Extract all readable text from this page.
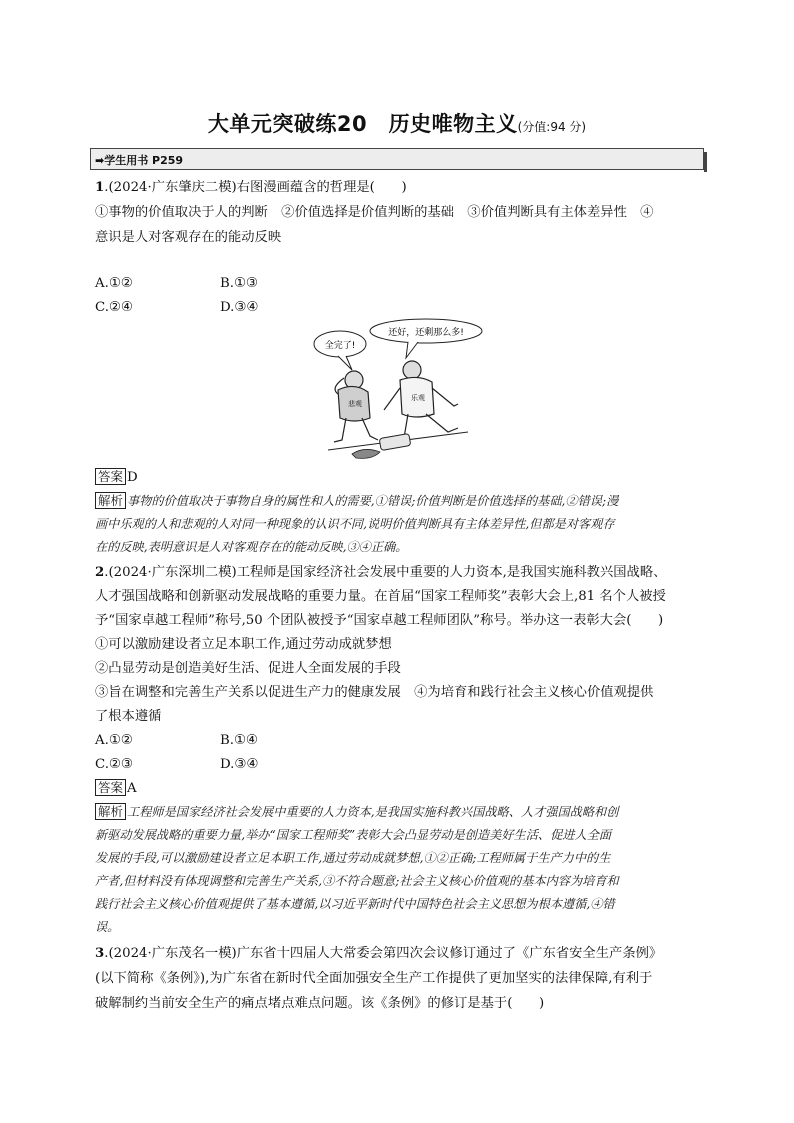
大单元突破练20　历史唯物主义(分值:94 分)
➡学生用书 P259
1.(2024·广东肇庆二模)右图漫画蕴含的哲理是(　　)
①事物的价值取决于人的判断　②价值选择是价值判断的基础　③价值判断具有主体差异性　④
意识是人对客观存在的能动反映
A.①②	B.①③
C.②④	D.③④
全完了!
还好，还剩那么多!
悲观
乐观
答案 D
解析 事物的价值取决于事物自身的属性和人的需要,①错误;价值判断是价值选择的基础,②错误;漫
画中乐观的人和悲观的人对同一种现象的认识不同,说明价值判断具有主体差异性,但都是对客观存
在的反映,表明意识是人对客观存在的能动反映,③④正确。
2.(2024·广东深圳二模)工程师是国家经济社会发展中重要的人力资本,是我国实施科教兴国战略、
人才强国战略和创新驱动发展战略的重要力量。在首届“国家工程师奖”表彰大会上,81 名个人被授
予“国家卓越工程师”称号,50 个团队被授予“国家卓越工程师团队”称号。举办这一表彰大会(　　)
①可以激励建设者立足本职工作,通过劳动成就梦想
②凸显劳动是创造美好生活、促进人全面发展的手段
③旨在调整和完善生产关系以促进生产力的健康发展　④为培育和践行社会主义核心价值观提供
了根本遵循
A.①②	B.①④
C.②③	D.③④
答案 A
解析 工程师是国家经济社会发展中重要的人力资本,是我国实施科教兴国战略、人才强国战略和创
新驱动发展战略的重要力量,举办“国家工程师奖”表彰大会凸显劳动是创造美好生活、促进人全面
发展的手段,可以激励建设者立足本职工作,通过劳动成就梦想,①②正确;工程师属于生产力中的生
产者,但材料没有体现调整和完善生产关系,③不符合题意;社会主义核心价值观的基本内容为培育和
践行社会主义核心价值观提供了基本遵循,以习近平新时代中国特色社会主义思想为根本遵循,④错
误。
3.(2024·广东茂名一模)广东省十四届人大常委会第四次会议修订通过了《广东省安全生产条例》
(以下简称《条例》),为广东省在新时代全面加强安全生产工作提供了更加坚实的法律保障,有利于
破解制约当前安全生产的痛点堵点难点问题。该《条例》的修订是基于(　　)
